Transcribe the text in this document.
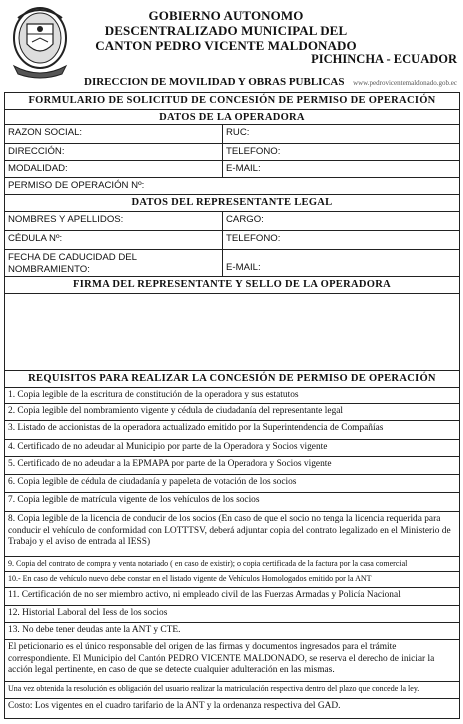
GOBIERNO AUTONOMO
DESCENTRALIZADO MUNICIPAL DEL
CANTON PEDRO VICENTE MALDONADO
PICHINCHA - ECUADOR
DIRECCION DE MOVILIDAD Y OBRAS PUBLICAS www.pedrovicentemaldonado.gob.ec
FORMULARIO DE SOLICITUD DE CONCESIÓN DE PERMISO DE OPERACIÓN
DATOS DE LA OPERADORA
RAZON SOCIAL:	RUC:
DIRECCIÓN:	TELEFONO:
MODALIDAD:	E-MAIL:
PERMISO DE OPERACIÓN Nº:
DATOS DEL REPRESENTANTE LEGAL
NOMBRES Y APELLIDOS:	CARGO:
CÉDULA Nº:	TELEFONO:
FECHA DE CADUCIDAD DEL
NOMBRAMIENTO:	E-MAIL:
FIRMA DEL REPRESENTANTE Y SELLO DE LA OPERADORA
REQUISITOS PARA REALIZAR LA CONCESIÓN DE PERMISO DE OPERACIÓN
1. Copia legible de la escritura de constitución de la operadora y sus estatutos
2. Copia legible del nombramiento vigente y cédula de ciudadanía del representante legal
3. Listado de accionistas de la operadora actualizado emitido por la Superintendencia de Compañías
4. Certificado de no adeudar al Municipio por parte de la Operadora y Socios vigente
5. Certificado de no adeudar a la EPMAPA por parte de la Operadora y Socios vigente
6. Copia legible de cédula de ciudadanía y papeleta de votación de los socios
7. Copia legible de matrícula vigente de los vehículos de los socios
8. Copia legible de la licencia de conducir de los socios (En caso de que el socio no tenga la licencia requerida para conducir el vehículo de conformidad con LOTTTSV, deberá adjuntar copia del contrato legalizado en el Ministerio de Trabajo y el aviso de entrada al IESS)
9. Copia del contrato de compra y venta notariado ( en caso de existir); o copia certificada de la factura por la casa comercial
10.- En caso de vehículo nuevo debe constar en el listado vigente de Vehículos Homologados emitido por la ANT
11. Certificación de no ser miembro activo, ni empleado civil de las Fuerzas Armadas y Policía Nacional
12. Historial Laboral del Iess de los socios
13. No debe tener deudas ante la ANT y CTE.
El peticionario es el único responsable del origen de las firmas y documentos ingresados para el trámite correspondiente. El Municipio del Cantón PEDRO VICENTE MALDONADO, se reserva el derecho de iniciar la acción legal pertinente, en caso de que se detecte cualquier adulteración en las mismas.
Una vez obtenida la resolución es obligación del usuario realizar la matriculación respectiva dentro del plazo que concede la ley.
Costo: Los vigentes en el cuadro tarifario de la ANT y la ordenanza respectiva del GAD.
